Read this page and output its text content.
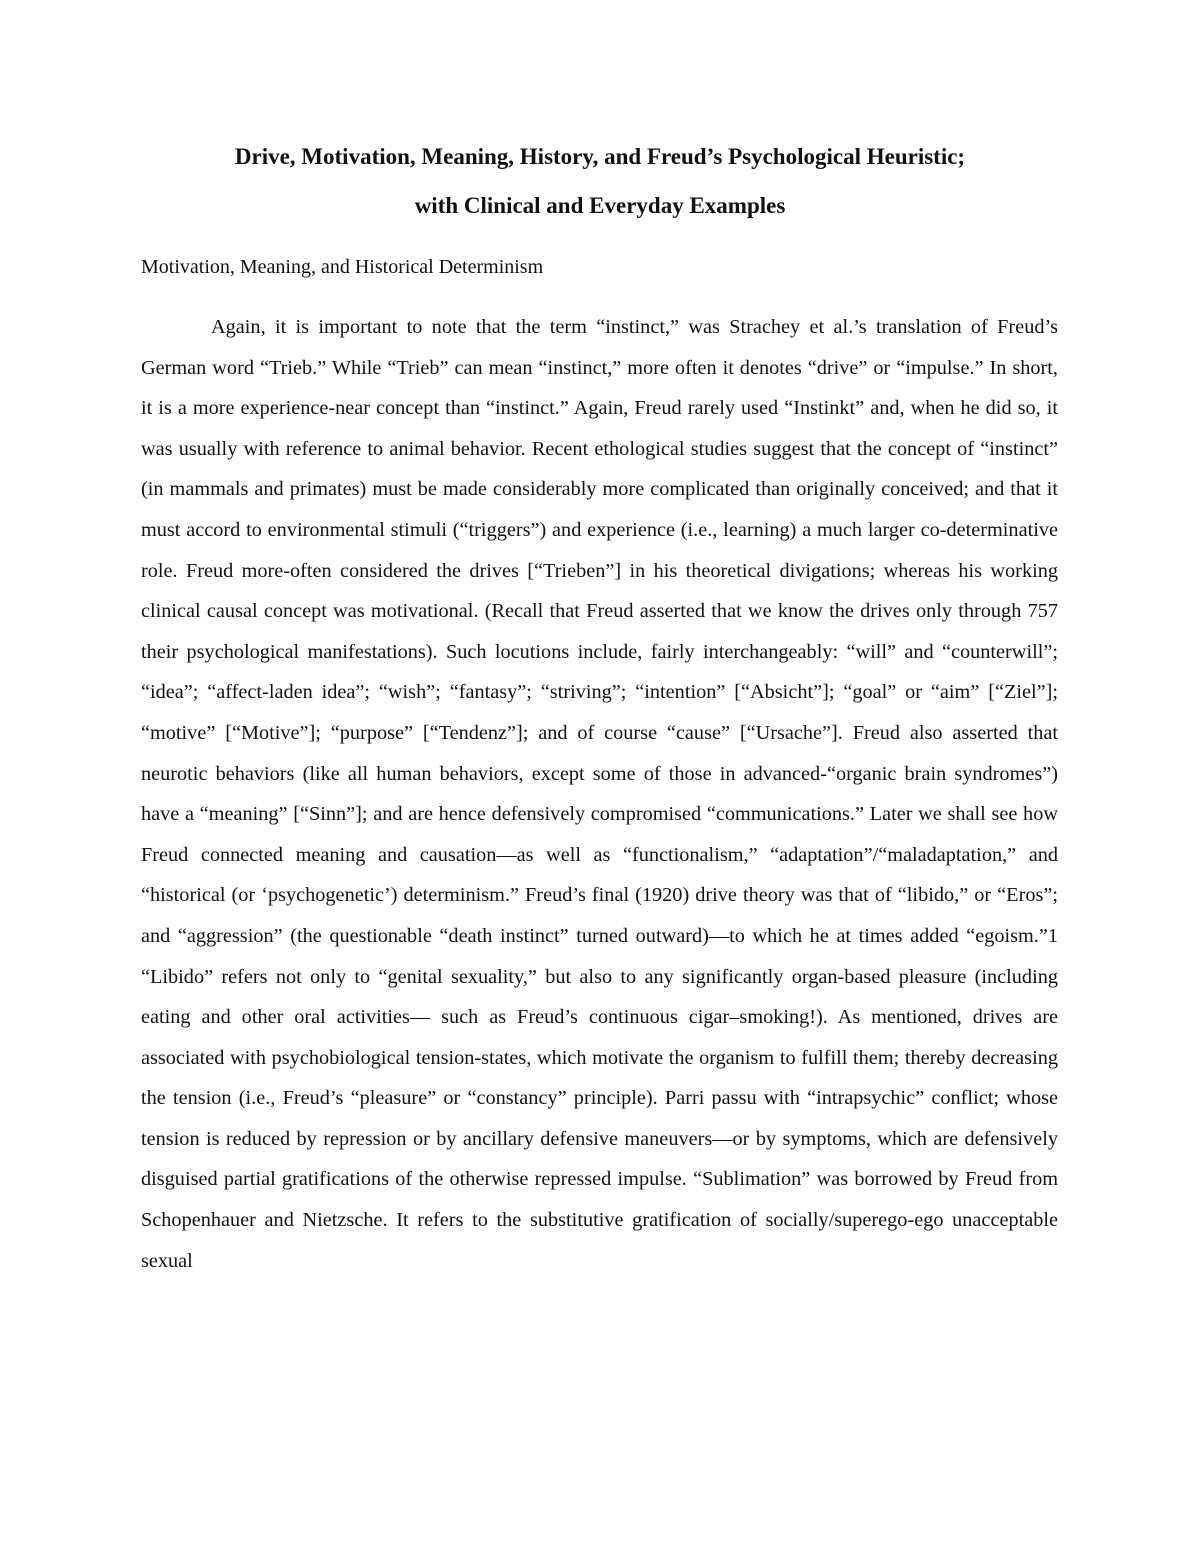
Drive, Motivation, Meaning, History, and Freud’s Psychological Heuristic;
with Clinical and Everyday Examples
Motivation, Meaning, and Historical Determinism

Again, it is important to note that the term “instinct,” was Strachey et al.’s translation of Freud’s German word “Trieb.” While “Trieb” can mean “instinct,” more often it denotes “drive” or “impulse.” In short, it is a more experience-near concept than “instinct.” Again, Freud rarely used “Instinkt” and, when he did so, it was usually with reference to animal behavior. Recent ethological studies suggest that the concept of “instinct” (in mammals and primates) must be made considerably more complicated than originally conceived; and that it must accord to environmental stimuli (“triggers”) and experience (i.e., learning) a much larger co-determinative role. Freud more-often considered the drives [“Trieben”] in his theoretical divigations; whereas his working clinical causal concept was motivational. (Recall that Freud asserted that we know the drives only through 757 their psychological manifestations). Such locutions include, fairly interchangeably: “will” and “counterwill”; “idea”; “affect-laden idea”; “wish”; “fantasy”; “striving”; “intention” [“Absicht”]; “goal” or “aim” [“Ziel”]; “motive” [“Motive”]; “purpose” [“Tendenz”]; and of course “cause” [“Ursache”]. Freud also asserted that neurotic behaviors (like all human behaviors, except some of those in advanced-“organic brain syndromes”) have a “meaning” [“Sinn”]; and are hence defensively compromised “communications.” Later we shall see how Freud connected meaning and causation—as well as “functionalism,” “adaptation”/“maladaptation,” and “historical (or ‘psychogenetic’) determinism.” Freud’s final (1920) drive theory was that of “libido,” or “Eros”; and “aggression” (the questionable “death instinct” turned outward)—to which he at times added “egoism.”1 “Libido” refers not only to “genital sexuality,” but also to any significantly organ-based pleasure (including eating and other oral activities— such as Freud’s continuous cigar–smoking!). As mentioned, drives are associated with psychobiological tension-states, which motivate the organism to fulfill them; thereby decreasing the tension (i.e., Freud’s “pleasure” or “constancy” principle). Parri passu with “intrapsychic” conflict; whose tension is reduced by repression or by ancillary defensive maneuvers—or by symptoms, which are defensively disguised partial gratifications of the otherwise repressed impulse. “Sublimation” was borrowed by Freud from Schopenhauer and Nietzsche. It refers to the substitutive gratification of socially/superego-ego unacceptable sexual
